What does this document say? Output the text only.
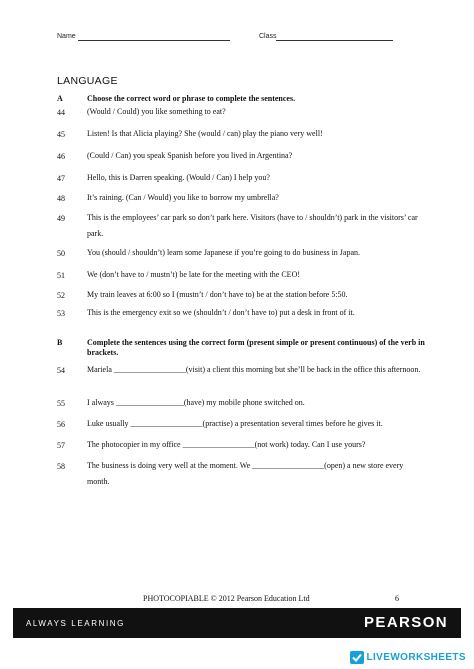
Name	Class
LANGUAGE
A	Choose the correct word or phrase to complete the sentences.
44	(Would / Could) you like something to eat?
45	Listen! Is that Alicia playing? She (would / can) play the piano very well!
46	(Could / Can) you speak Spanish before you lived in Argentina?
47	Hello, this is Darren speaking. (Would / Can) I help you?
48	It’s raining. (Can / Would) you like to borrow my umbrella?
49	This is the employees’ car park so don’t park here. Visitors (have to / shouldn’t) park in the visitors’ car park.
50	You (should / shouldn’t) learn some Japanese if you’re going to do business in Japan.
51	We (don’t have to / mustn’t) be late for the meeting with the CEO!
52	My train leaves at 6:00 so I (mustn’t / don’t have to) be at the station before 5:50.
53	This is the emergency exit so we (shouldn’t / don’t have to) put a desk in front of it.
B	Complete the sentences using the correct form (present simple or present continuous) of the verb in brackets.
54	Mariela __________________(visit) a client this morning but she’ll be back in the office this afternoon.
55	I always _________________(have) my mobile phone switched on.
56	Luke usually __________________(practise) a presentation several times before he gives it.
57	The photocopier in my office __________________(not work) today. Can I use yours?
58	The business is doing very well at the moment. We __________________(open) a new store every month.
PHOTOCOPIABLE © 2012 Pearson Education Ltd	6
ALWAYS LEARNING	PEARSON
LIVEWORKSHEETS
